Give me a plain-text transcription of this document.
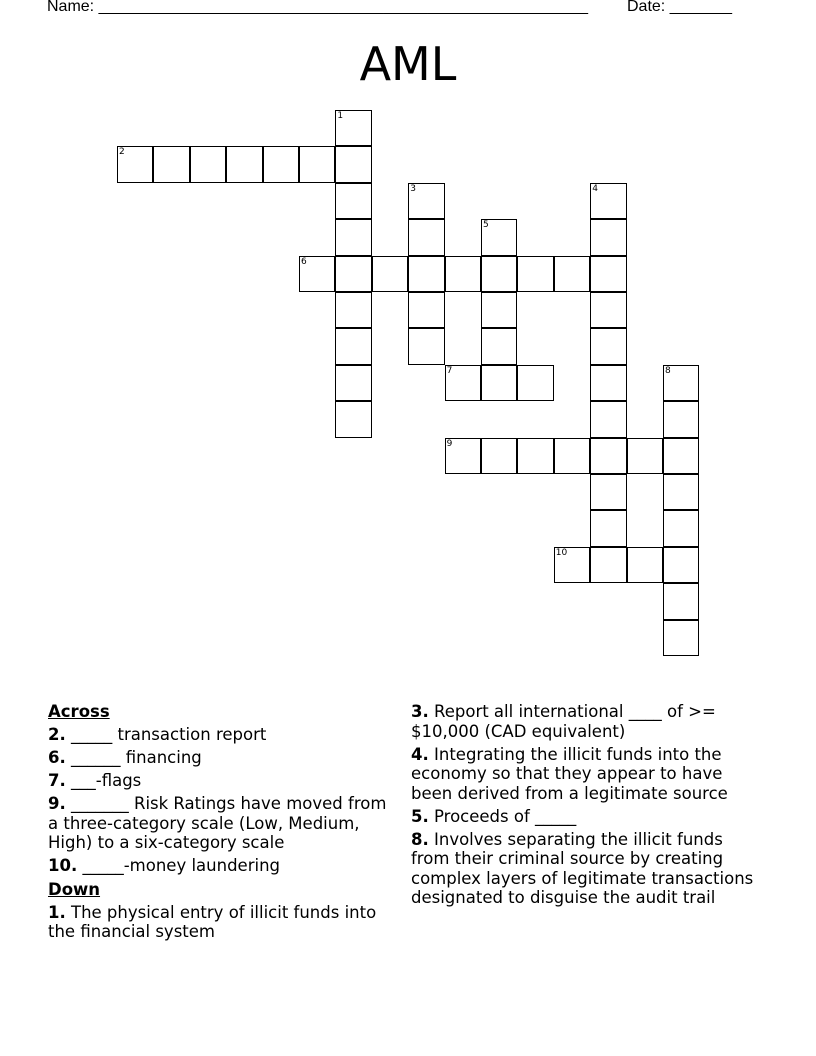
Name: _______________________________________________________ Date: _______
AML
1
2
3	4
5
6
7	8
9
10
Across
2. _____ transaction report
6. ______ financing
7. ___-flags
9. _______ Risk Ratings have moved from a three-category scale (Low, Medium, High) to a six-category scale
10. _____-money laundering
Down
1. The physical entry of illicit funds into the financial system
3. Report all international ____ of >= $10,000 (CAD equivalent)
4. Integrating the illicit funds into the economy so that they appear to have been derived from a legitimate source
5. Proceeds of _____
8. Involves separating the illicit funds from their criminal source by creating complex layers of legitimate transactions designated to disguise the audit trail
